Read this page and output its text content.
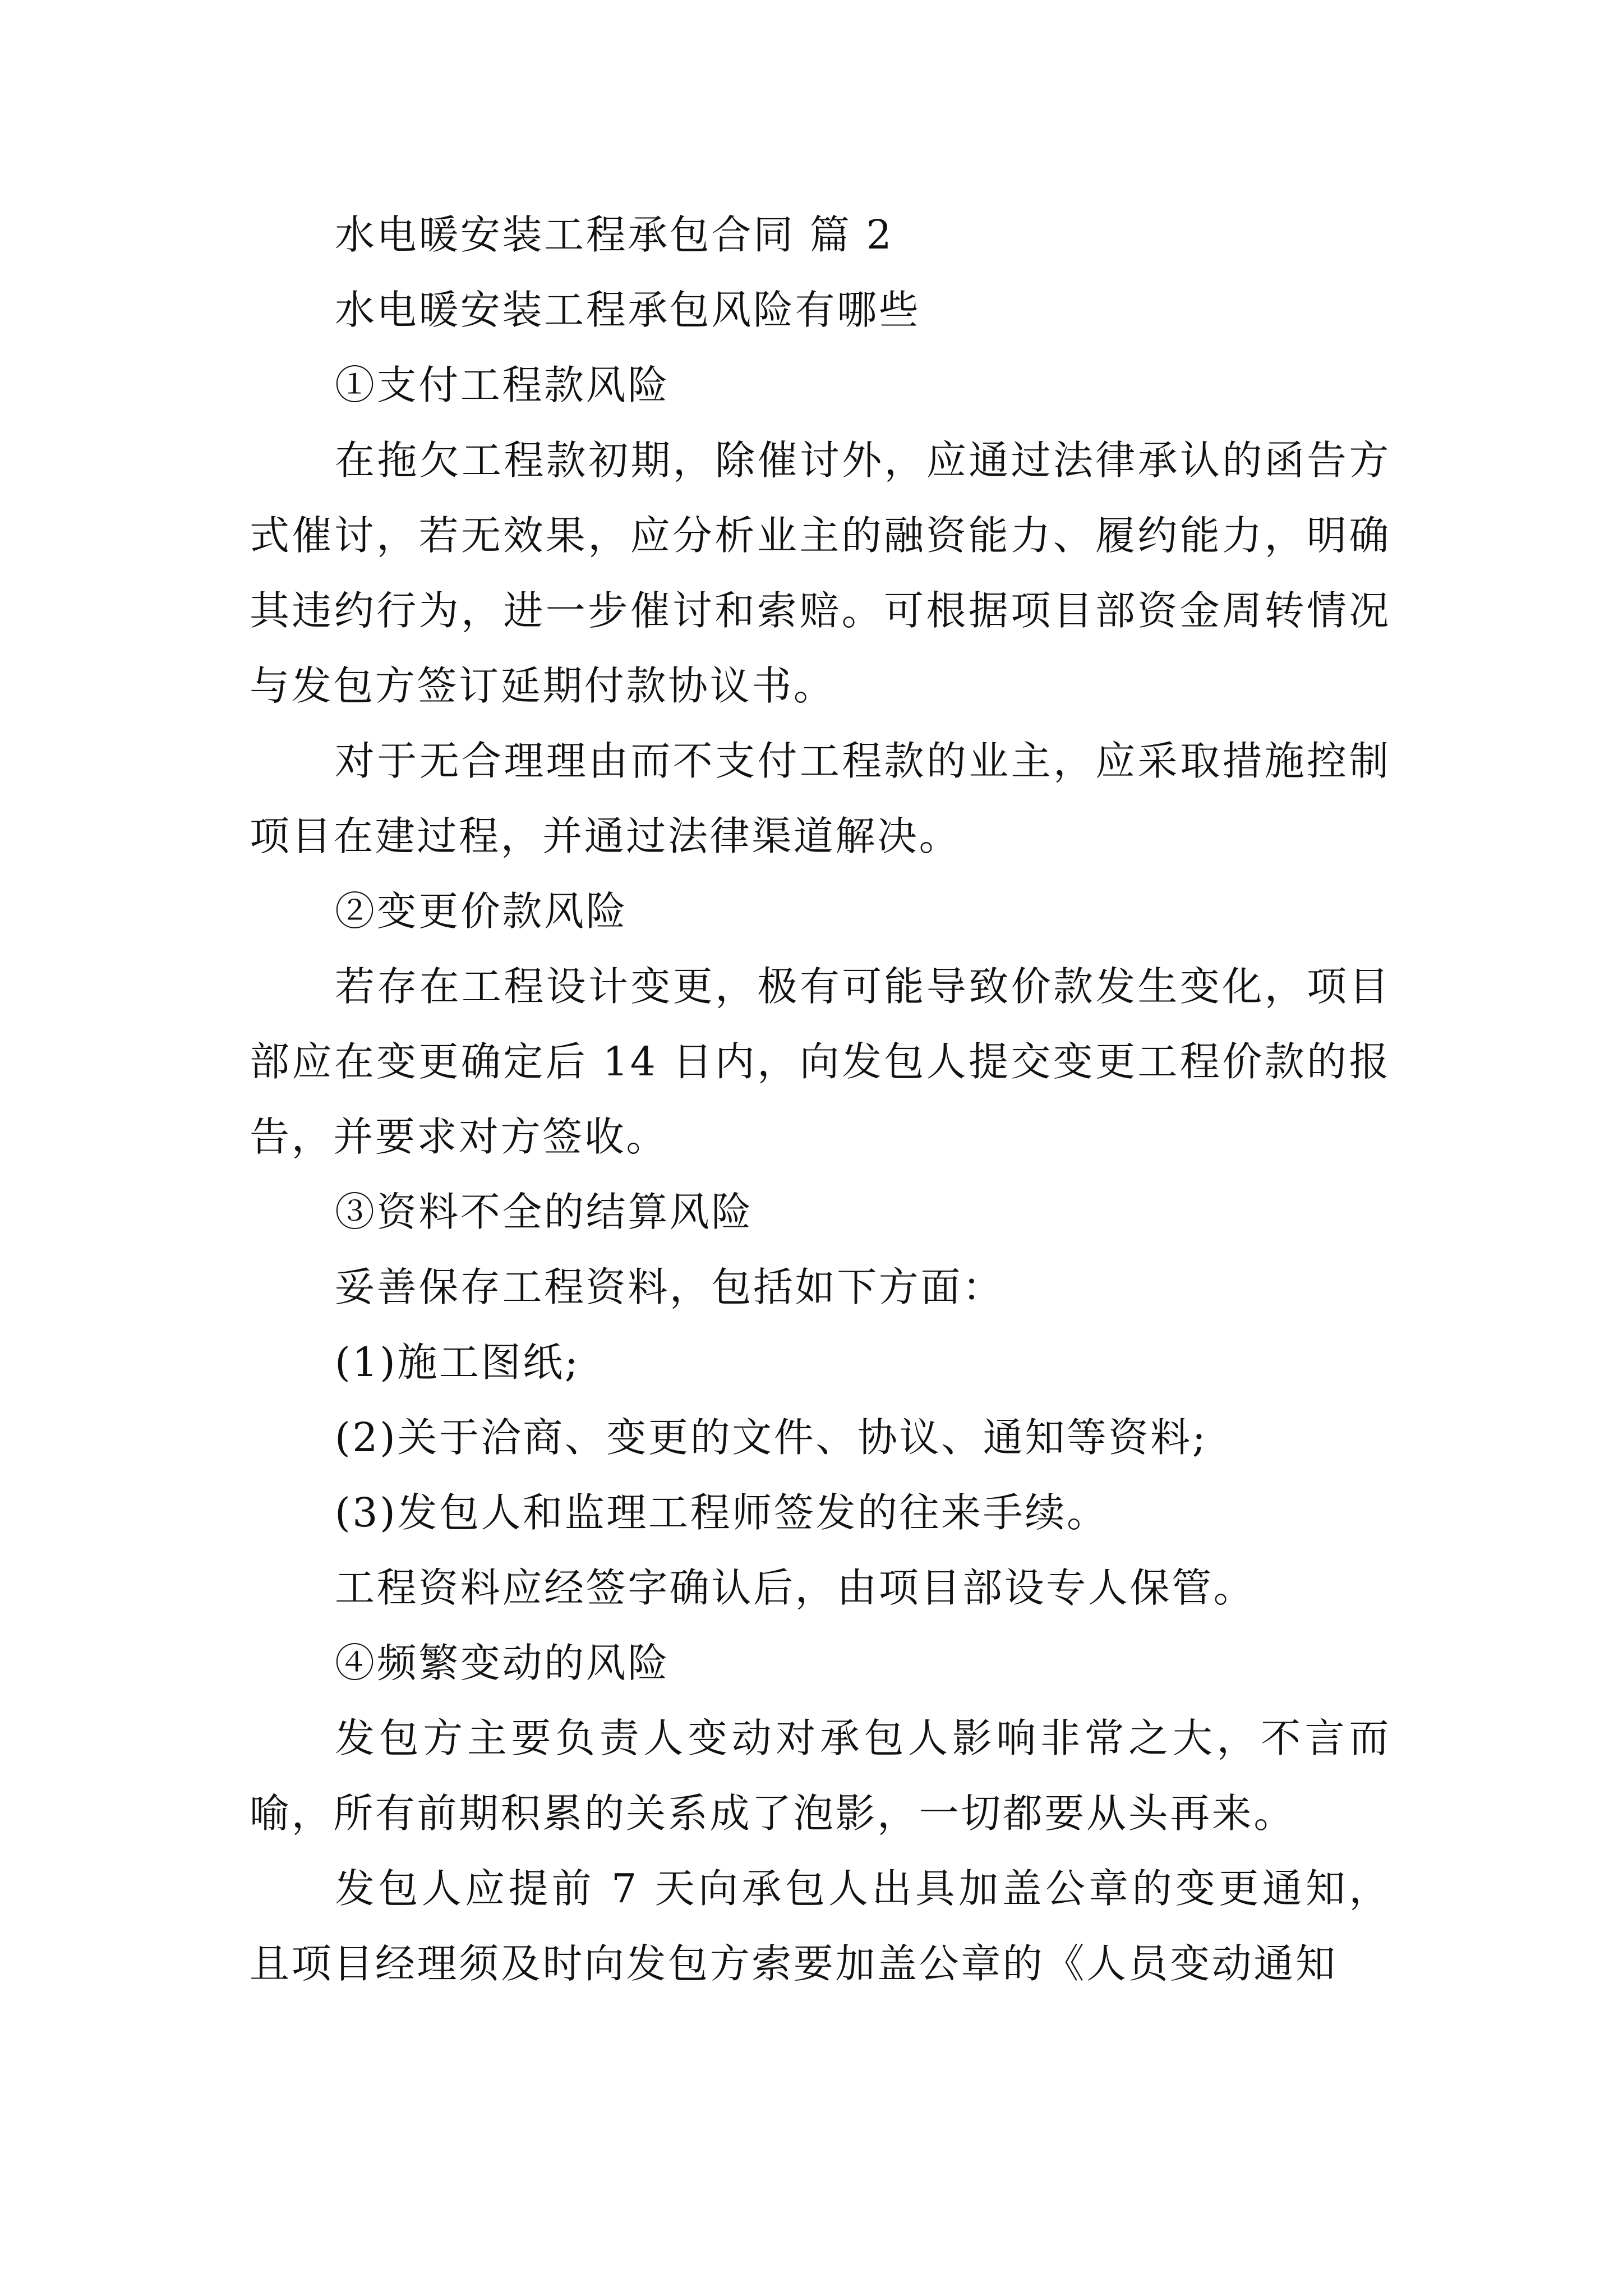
水电暖安装工程承包合同 篇 2

水电暖安装工程承包风险有哪些

①支付工程款风险

在拖欠工程款初期，除催讨外，应通过法律承认的函告方式催讨，若无效果，应分析业主的融资能力、履约能力，明确其违约行为，进一步催讨和索赔。可根据项目部资金周转情况与发包方签订延期付款协议书。

对于无合理理由而不支付工程款的业主，应采取措施控制项目在建过程，并通过法律渠道解决。

②变更价款风险

若存在工程设计变更，极有可能导致价款发生变化，项目部应在变更确定后 14 日内，向发包人提交变更工程价款的报告，并要求对方签收。

③资料不全的结算风险

妥善保存工程资料，包括如下方面：

(1)施工图纸;

(2)关于洽商、变更的文件、协议、通知等资料;

(3)发包人和监理工程师签发的往来手续。

工程资料应经签字确认后，由项目部设专人保管。

④频繁变动的风险

发包方主要负责人变动对承包人影响非常之大，不言而喻，所有前期积累的关系成了泡影，一切都要从头再来。

发包人应提前 7 天向承包人出具加盖公章的变更通知，且项目经理须及时向发包方索要加盖公章的《人员变动通知
